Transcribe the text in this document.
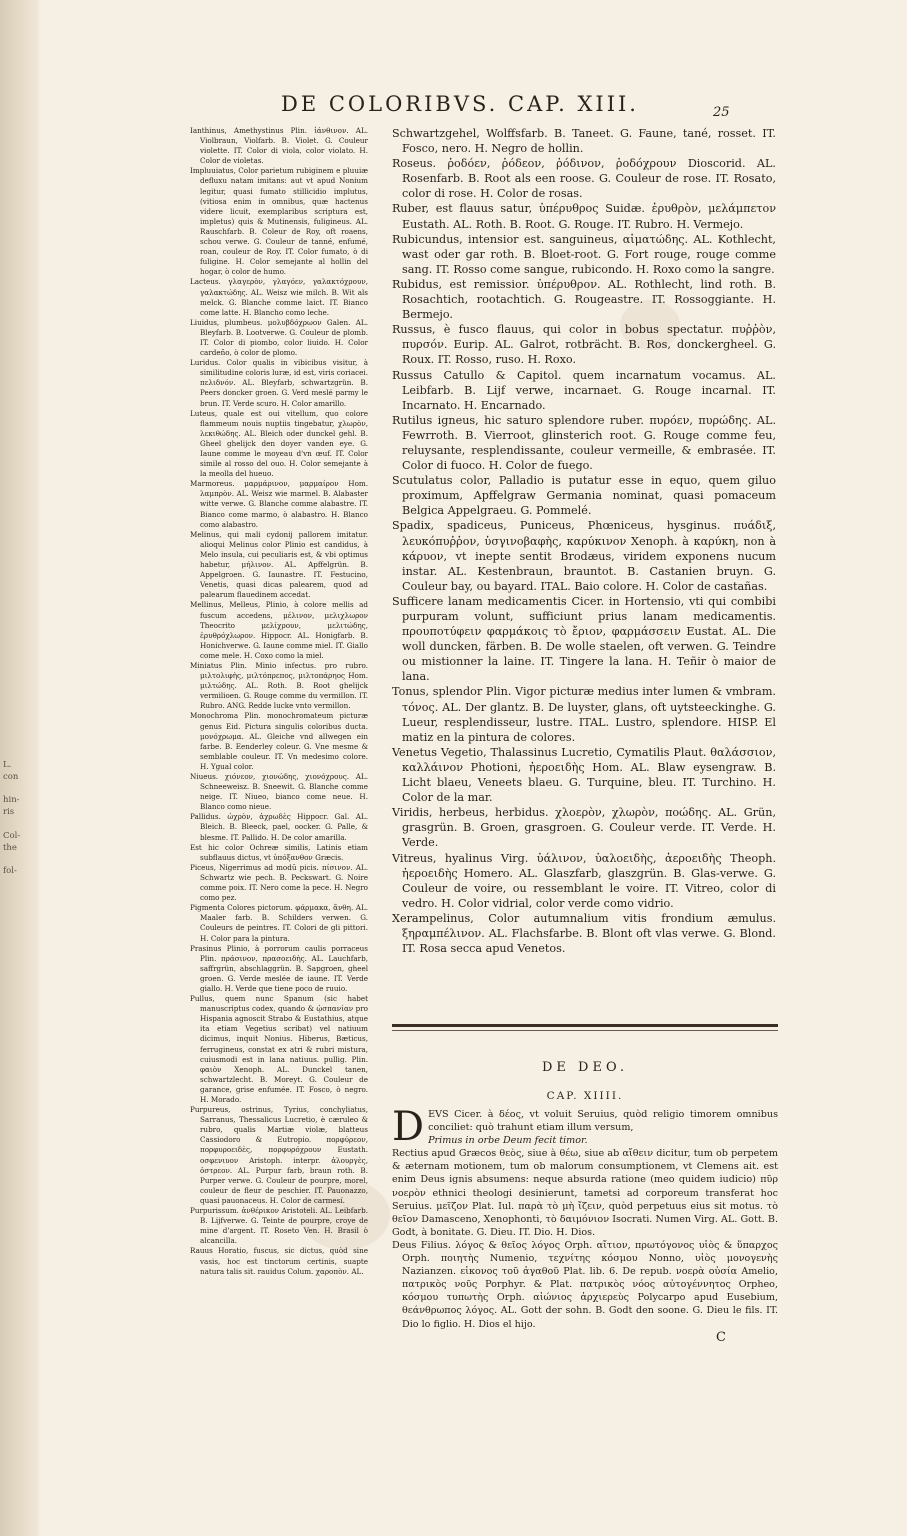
L.
con

hin-
ris

Col-
the

fol-
DE COLORIBVS. CAP. XIII.	25
Ianthinus, Amethystinus Plin. ἰάνθινον. AL. Violbraun, Violfarb. B. Violet. G. Couleur violette. IT. Color di viola, color violato. H. Color de violetas.
Impluuiatus, Color parietum rubiginem e pluuiæ defluxu natam imitans: aut vt apud Nonium legitur, quasi fumato stillicidio implutus, (vitiosa enim in omnibus, quæ hactenus videre licuit, exemplaribus scriptura est, impletus) quis & Mutinensis, fuligineus. AL. Rauschfarb. B. Coleur de Roy, oft roaens, schou verwe. G. Couleur de tanné, enfumé, roan, couleur de Roy. IT. Color fumato, ò di fuligine. H. Color semejante al hollin del hogar, ò color de humo.
Lacteus. γλαγερὸν, γλαγόεν, γαλακτόχρουν, γαλακτώδης. AL. Weisz wie milch. B. Wit als melck. G. Blanche comme laict. IT. Bianco come latte. H. Blancho como leche.
Liuidus, plumbeus. μολυβδόχρωον Galen. AL. Bleyfarb. B. Lootverwe. G. Couleur de plomb. IT. Color di piombo, color liuido. H. Color cardeño, ò color de plomo.
Luridus. Color qualis in vibicibus visitur, à similitudine coloris luræ, id est, viris coriacei. πελιδνόν. AL. Bleyfarb, schwartzgrün. B. Peers doncker groen. G. Verd meslé parmy le brun. IT. Verde scuro. H. Color amarillo.
Luteus, quale est oui vitellum, quo colore flammeum nouis nuptiis tingebatur, χλωρὸν, λεκιθώδης. AL. Bleich oder dunckel gehl. B. Gheel ghelijck den doyer vanden eye. G. Iaune comme le moyeau d'vn œuf. IT. Color simile al rosso del ouo. H. Color semejante à la meolla del hueuo.
Marmoreus. μαρμάρινον, μαρμαίρον Hom. λαμπρὸν. AL. Weisz wie marmel. B. Alabaster witte verwe. G. Blanche comme alabastre. IT. Bianco come marmo, ò alabastro. H. Blanco como alabastro.
Melinus, qui mali cydonij pallorem imitatur. alioqui Melinus color Plinio est candidus, à Melo insula, cui peculiaris est, & vbi optimus habetur, μήλινον. AL. Apffelgrün. B. Appelgroen. G. Iaunastre. IT. Festucino, Venetis, quasi dicas palearem, quod ad palearum flauedinem accedat.
Mellinus, Melleus, Plinio, à colore mellis ad fuscum accedens, μέλινον, μελιχλωρον Theocrito μελίχρουν, μελιτώδης, ἐρυθρόχλωρον. Hippocr. AL. Honigfarb. B. Honichverwe. G. Iaune comme miel. IT. Giallo come mele. H. Coxo como la miel.
Miniatus Plin. Minio infectus. pro rubro. μιλτολιφὴς, μιλτόπρεπος, μιλτοπάρηος Hom. μιλτώδης. AL. Roth. B. Root ghelijck vermilioen. G. Rouge comme du vermillon. IT. Rubro. ANG. Redde lucke vnto vermillon.
Monochroma Plin. monochromateum picturæ genus Eid. Pictura singulis coloribus ducta. μονόχρωμα. AL. Gleiche vnd allwegen ein farbe. B. Eenderley coleur. G. Vne mesme & semblable couleur. IT. Vn medesimo colore. H. Ygual color.
Niueus. χιόνεον, χιονώδης, χιονόχρους. AL. Schneeweisz. B. Sneewit. G. Blanche comme neige. IT. Niueo, bianco come neue. H. Blanco como nieue.
Pallidus. ὠχρὸν, ἀχρωδὲς Hippocr. Gal. AL. Bleich. B. Bleeck, pael, oocker. G. Palle, & blesme. IT. Pallido. H. De color amarilla.
Est hic color Ochreæ similis, Latinis etiam subflauus dictus, vt ὑπόξανθον Græcis.
Piceus, Nigerrimus ad modū picis. πίσινον. AL. Schwartz wie pech. B. Peckswart. G. Noire comme poix. IT. Nero come la pece. H. Negro como pez.
Pigmenta Colores pictorum. φάρμακα, ἄνθη. AL. Maaler farb. B. Schilders verwen. G. Couleurs de peintres. IT. Colori de gli pittori. H. Color para la pintura.
Prasinus Plinio, à porrorum caulis porraceus Plin. πράσινον, πρασοειδὴς. AL. Lauchfarb, saffrgrün, abschlaggrün. B. Sapgroen, gheel groen. G. Verde meslée de iaune. IT. Verde giallo. H. Verde que tiene poco de ruuio.
Pullus, quem nunc Spanum (sic habet manuscriptus codex, quando & ᾠσπανίαν pro Hispania agnoscit Strabo & Eustathius, atque ita etiam Vegetius scribat) vel natiuum dicimus, inquit Nonius. Hiberus, Bæticus, ferrugineus, constat ex atri & rubri mistura, cuiusmodi est in lana natiuus. pullig. Plin. φαιὸν Xenoph. AL. Dunckel tanen, schwartzlecht. B. Moreyt. G. Couleur de garance, grise enfumée. IT. Fosco, ò negro. H. Morado.
Purpureus, ostrinus, Tyrius, conchyliatus, Sarranus, Thessalicus Lucretio, è cæruleo & rubro, qualis Martiæ violæ, blatteus Cassiodoro & Eutropio. πορφύρεον, πορφυροειδὲς, πορφυρόχρουν Eustath. οσφενιυον Aristoph. interpr. ἁλουργὲς, ὀστρεον. AL. Purpur farb, braun roth. B. Purper verwe. G. Couleur de pourpre, morel, couleur de fleur de peschier. IT. Pauonazzo, quasi pauonaceus. H. Color de carmesí.
Purpurissum. ἀνθέρικον Aristoteli. AL. Leibfarb. B. Lijfverwe. G. Teinte de pourpre, croye de mine d'argent. IT. Roseto Ven. H. Brasil ò alcancilla.
Rauus Horatio, fuscus, sic dictus, quòd sine vasis, hoc est tinctorum certinis, suapte natura talis sit. rauidus Colum. χαροπὸν. AL.
Schwartzgehel, Wolffsfarb. B. Taneet. G. Faune, tané, rosset. IT. Fosco, nero. H. Negro de hollin.
Roseus. ῥοδόεν, ῥόδεον, ῥόδινον, ῥοδόχρουν Dioscorid. AL. Rosenfarb. B. Root als een roose. G. Couleur de rose. IT. Rosato, color di rose. H. Color de rosas.
Ruber, est flauus satur, ὑπέρυθρος Suidæ. ἐρυθρὸν, μελάμπετον Eustath. AL. Roth. B. Root. G. Rouge. IT. Rubro. H. Vermejo.
Rubicundus, intensior est. sanguineus, αἱματώδης. AL. Kothlecht, wast oder gar roth. B. Bloet-root. G. Fort rouge, rouge comme sang. IT. Rosso come sangue, rubicondo. H. Roxo como la sangre.
Rubidus, est remissior. ὑπέρυθρον. AL. Rothlecht, lind roth. B. Rosachtich, rootachtich. G. Rougeastre. IT. Rossoggiante. H. Bermejo.
Russus, è fusco flauus, qui color in bobus spectatur. πυῤῥὸν, πυρσόν. Eurip. AL. Galrot, rotbrächt. B. Ros, donckergheel. G. Roux. IT. Rosso, ruso. H. Roxo.
Russus Catullo & Capitol. quem incarnatum vocamus. AL. Leibfarb. B. Lijf verwe, incarnaet. G. Rouge incarnal. IT. Incarnato. H. Encarnado.
Rutilus igneus, hic saturo splendore ruber. πυρόεν, πυρώδης. AL. Fewrroth. B. Vierroot, glinsterich root. G. Rouge comme feu, reluysante, resplendissante, couleur vermeille, & embrasée. IT. Color di fuoco. H. Color de fuego.
Scutulatus color, Palladio is putatur esse in equo, quem giluo proximum, Apffelgraw Germania nominat, quasi pomaceum Belgica Appelgraeu. G. Pommelé.
Spadix, spadiceus, Puniceus, Phœniceus, hysginus. πυάδιξ, λευκόπυῤῥον, ὑσγινοβαφὴς, καρύκινον Xenoph. à καρύκη, non à κάρυον, vt inepte sentit Brodæus, viridem exponens nucum instar. AL. Kestenbraun, brauntot. B. Castanien bruyn. G. Couleur bay, ou bayard. ITAL. Baio colore. H. Color de castañas.
Sufficere lanam medicamentis Cicer. in Hortensio, vti qui combibi purpuram volunt, sufficiunt prius lanam medicamentis. προυποτύφειν φαρμάκοις τὸ ἔριον, φαρμάσσειν Eustat. AL. Die woll duncken, färben. B. De wolle staelen, oft verwen. G. Teindre ou mistionner la laine. IT. Tingere la lana. H. Teñir ò maior de lana.
Tonus, splendor Plin. Vigor picturæ medius inter lumen & vmbram. τόνος. AL. Der glantz. B. De luyster, glans, oft uytsteeckinghe. G. Lueur, resplendisseur, lustre. ITAL. Lustro, splendore. HISP. El matiz en la pintura de colores.
Venetus Vegetio, Thalassinus Lucretio, Cymatilis Plaut. θαλάσσιον, καλλάινον Photioni, ἠεροειδὴς Hom. AL. Blaw eysengraw. B. Licht blaeu, Veneets blaeu. G. Turquine, bleu. IT. Turchino. H. Color de la mar.
Viridis, herbeus, herbidus. χλοερὸν, χλωρὸν, ποώδης. AL. Grün, grasgrün. B. Groen, grasgroen. G. Couleur verde. IT. Verde. H. Verde.
Vitreus, hyalinus Virg. ὑάλινον, ὑαλοειδὴς, ἀεροειδὴς Theoph. ἠεροειδὴς Homero. AL. Glaszfarb, glaszgrün. B. Glas-verwe. G. Couleur de voire, ou ressemblant le voire. IT. Vitreo, color di vedro. H. Color vidrial, color verde como vidrio.
Xerampelinus, Color autumnalium vitis frondium æmulus. ξηραμπέλινον. AL. Flachsfarbe. B. Blont oft vlas verwe. G. Blond. IT. Rosa secca apud Venetos.
DE DEO.
CAP. XIIII.
D EVS Cicer. à δέος, vt voluit Seruius, quòd religio timorem omnibus conciliet: quò trahunt etiam illum versum,
Primus in orbe Deum fecit timor.
Rectius apud Græcos θεὸς, siue à θέω, siue ab αἴθειν dicitur, tum ob perpetem & æternam motionem, tum ob malorum consumptionem, vt Clemens ait. est enim Deus ignis absumens: neque absurda ratione (meo quidem iudicio) πῦρ νοερὸν ethnici theologi desinierunt, tametsi ad corporeum transferat hoc Seruius. μεῖζον Plat. Iul. παρὰ τὸ μὴ ἴζειν, quòd perpetuus eius sit motus. τὸ θεῖον Damasceno, Xenophonti, τὸ δαιμόνιον Isocrati. Numen Virg. AL. Gott. B. Godt, à bonitate. G. Dieu. IT. Dio. H. Dios.
Deus Filius. λόγος & θεῖος λόγος Orph. αἴτιον, πρωτόγονος υἱὸς & ὕπαρχος Orph. ποιητὴς Numenio, τεχνίτης κόσμου Nonno, υἱὸς μονογενὴς Nazianzen. εἰκονος τοῦ ἀγαθοῦ Plat. lib. 6. De repub. νοερὰ οὐσία Amelio, πατρικὸς νοῦς Porphyr. & Plat. πατρικὸς νόος αὐτογέννητος Orpheo, κόσμου τυπωτὴς Orph. αἰώνιος ἀρχιερεὺς Polycarpo apud Eusebium, θεάνθρωπος λόγος. AL. Gott der sohn. B. Godt den soone. G. Dieu le fils. IT. Dio lo figlio. H. Dios el hijo.
C
